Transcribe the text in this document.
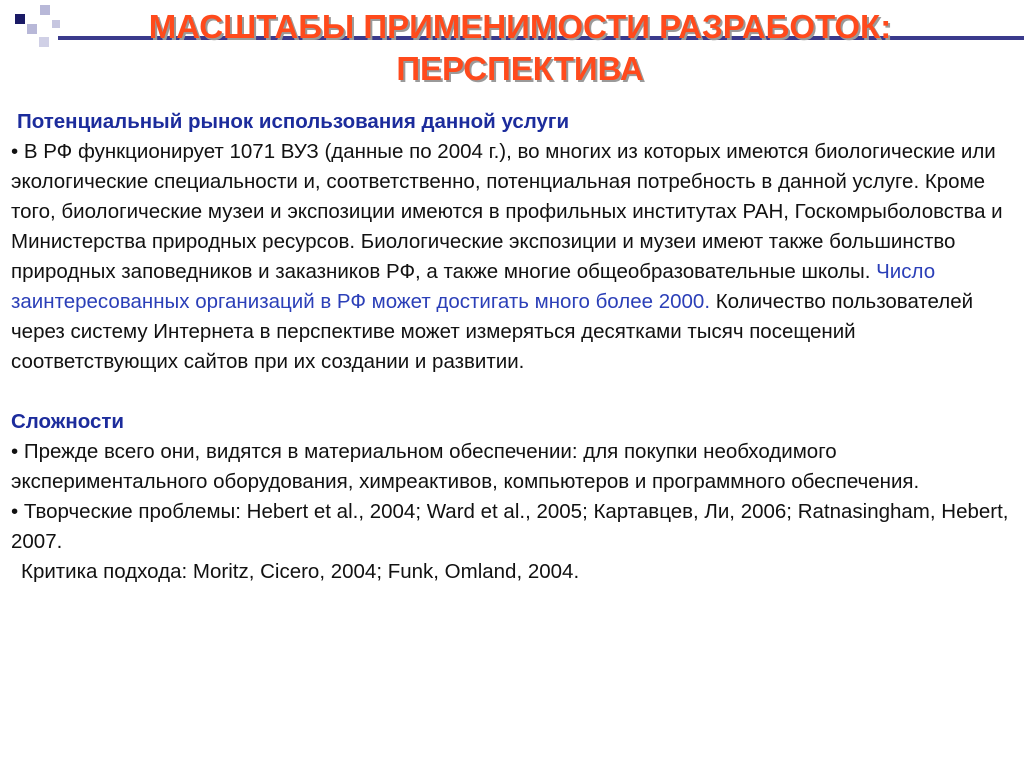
МАСШТАБЫ ПРИМЕНИМОСТИ РАЗРАБОТОК:
ПЕРСПЕКТИВА

Потенциальный рынок использования данной услуги

• В РФ функционирует 1071 ВУЗ (данные по 2004 г.), во многих из которых имеются биологические или экологические специальности и, соответственно, потенциальная потребность в данной услуге. Кроме того, биологические музеи и экспозиции имеются в профильных институтах РАН, Госкомрыболовства и Министерства природных ресурсов. Биологические экспозиции и музеи имеют также большинство природных заповедников и заказников РФ, а также многие общеобразовательные школы. Число заинтересованных организаций в РФ может достигать много более 2000. Количество пользователей через систему Интернета в перспективе может измеряться десятками тысяч посещений соответствующих сайтов при их создании и развитии.

Сложности

• Прежде всего они, видятся в материальном обеспечении: для покупки необходимого экспериментального оборудования, химреактивов, компьютеров и программного обеспечения.

• Творческие проблемы: Hebert et al., 2004; Ward et al., 2005; Картавцев, Ли, 2006; Ratnasingham, Hebert, 2007.

Критика подхода: Moritz, Cicero, 2004; Funk, Omland, 2004.
